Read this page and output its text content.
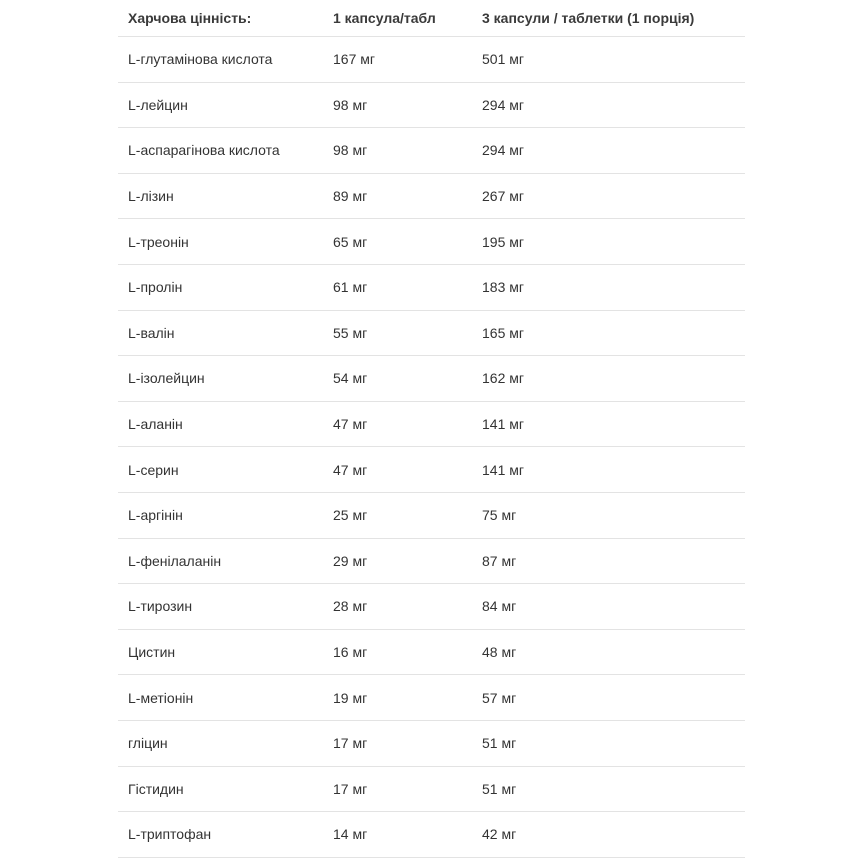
Харчова цінність:	1 капсула/табл	3 капсули / таблетки (1 порція)
L-глутамінова кислота	167 мг	501 мг
L-лейцин	98 мг	294 мг
L-аспарагінова кислота	98 мг	294 мг
L-лізин	89 мг	267 мг
L-треонін	65 мг	195 мг
L-пролін	61 мг	183 мг
L-валін	55 мг	165 мг
L-ізолейцин	54 мг	162 мг
L-аланін	47 мг	141 мг
L-серин	47 мг	141 мг
L-аргінін	25 мг	75 мг
L-фенілаланін	29 мг	87 мг
L-тирозин	28 мг	84 мг
Цистин	16 мг	48 мг
L-метіонін	19 мг	57 мг
гліцин	17 мг	51 мг
Гістидин	17 мг	51 мг
L-триптофан	14 мг	42 мг
